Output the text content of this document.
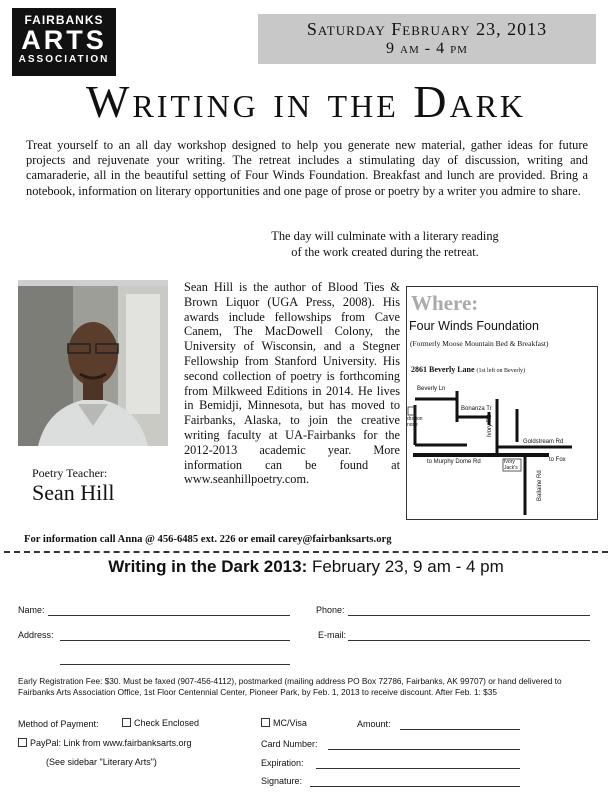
FAIRBANKS
ARTS
ASSOCIATION
Saturday February 23, 2013
9 am - 4 pm
Writing in the Dark

Treat yourself to an all day workshop designed to help you generate new material, gather ideas for future projects and rejuvenate your writing. The retreat includes a stimulating day of discussion, writing and camaraderie, all in the beautiful setting of Four Winds Foundation. Breakfast and lunch are provided. Bring a notebook, information on literary opportunities and one page of prose or poetry by a writer you admire to share.

The day will culminate with a literary reading
of the work created during the retreat.
Poetry Teacher:
Sean Hill

Sean Hill is the author of Blood Ties & Brown Liquor (UGA Press, 2008). His awards include fellowships from Cave Canem, The MacDowell Colony, the University of Wisconsin, and a Stegner Fellowship from Stanford University. His second collection of poetry is forthcoming from Milkweed Editions in 2014. He lives in Bemidji, Minnesota, but has moved to Fairbanks, Alaska, to join the creative writing faculty at UA-Fairbanks for the 2012-2013 academic year. More information can be found at www.seanhillpoetry.com.

Where:
Four Winds Foundation
(Formerly Moose Mountain Bed & Breakfast)
2861 Beverly Lane (1st left on Beverly)
Beverly Ln
Bonanza Tr
Ivory Rd
Goldstream Rd
to Murphy Dome Rd	to Fox
Ballaine Rd
Ivory Jack's
dragon nose
For information call Anna @ 456-6485 ext. 226 or email carey@fairbanksarts.org
Writing in the Dark 2013: February 23, 9 am - 4 pm
Name:	Phone:
Address:	E-mail:

Early Registration Fee: $30. Must be faxed (907-456-4112), postmarked (mailing address PO Box 72786, Fairbanks, AK 99707) or hand delivered to Fairbanks Arts Association Office, 1st Floor Centennial Center, Pioneer Park, by Feb. 1, 2013 to receive discount. After Feb. 1: $35

Method of Payment:	Check Enclosed	MC/Visa	Amount:
PayPal: Link from www.fairbanksarts.org	Card Number:
(See sidebar "Literary Arts")	Expiration:
Signature:
